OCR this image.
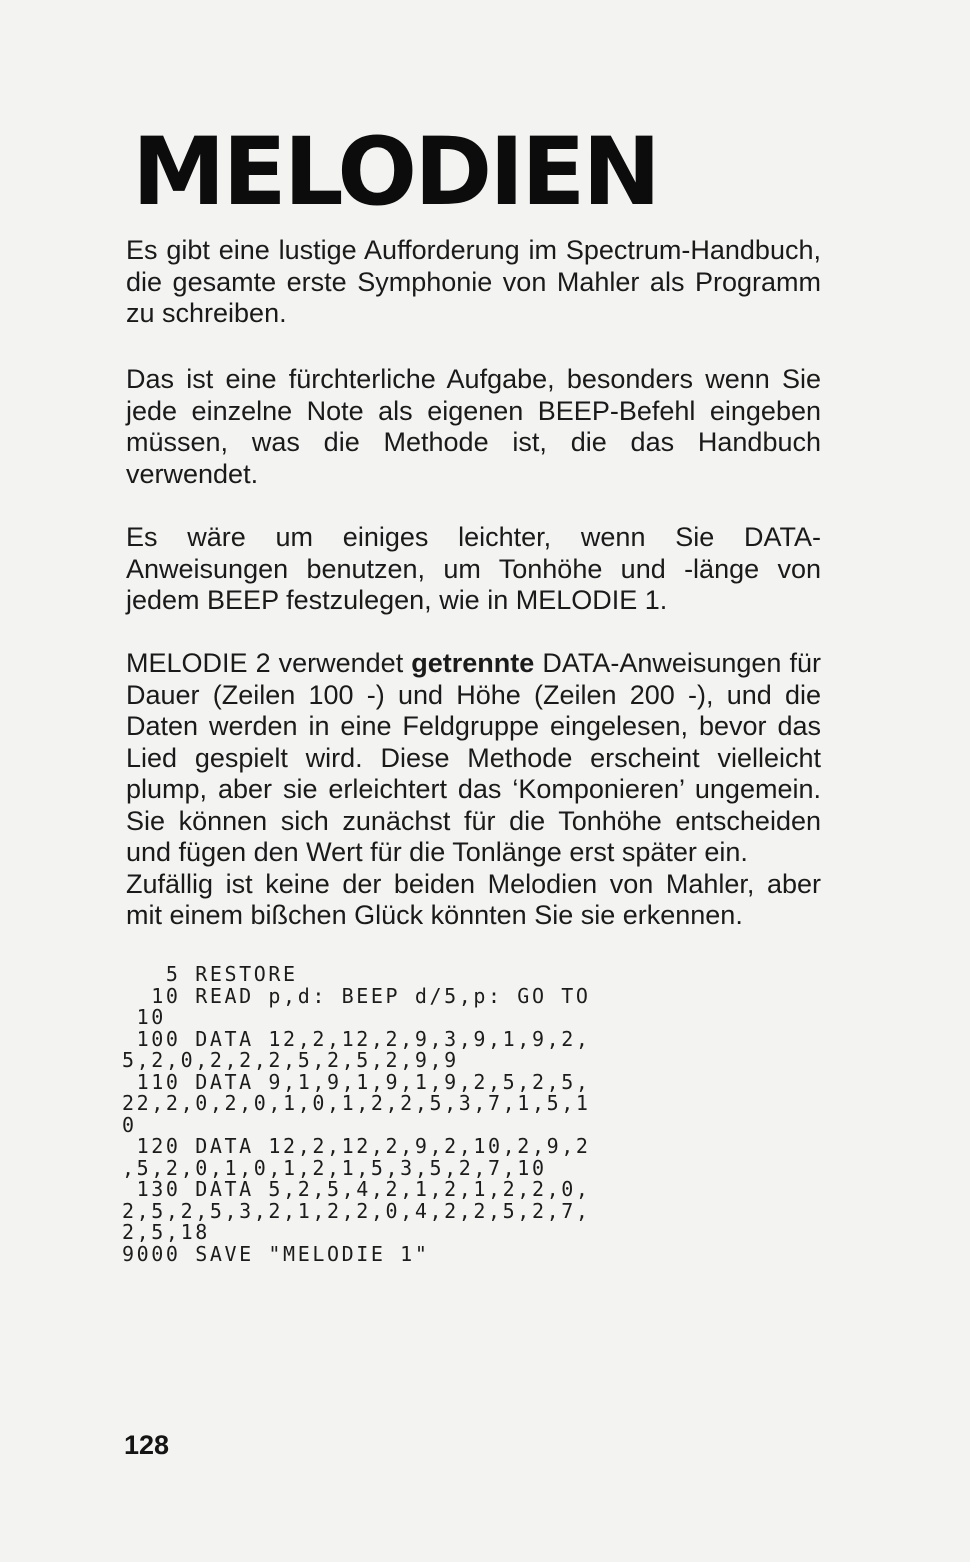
MELODIEN

Es gibt eine lustige Aufforderung im Spectrum-Handbuch, die gesamte erste Symphonie von Mahler als Programm zu schreiben.

Das ist eine fürchterliche Aufgabe, besonders wenn Sie jede einzelne Note als eigenen BEEP-Befehl eingeben müssen, was die Methode ist, die das Handbuch verwendet.

Es wäre um einiges leichter, wenn Sie DATA-Anweisungen benutzen, um Tonhöhe und -länge von jedem BEEP festzulegen, wie in MELODIE 1.

MELODIE 2 verwendet getrennte DATA-Anweisungen für Dauer (Zeilen 100 -) und Höhe (Zeilen 200 -), und die Daten werden in eine Feldgruppe eingelesen, bevor das Lied gespielt wird. Diese Methode erscheint vielleicht plump, aber sie erleichtert das ‘Komponieren’ ungemein. Sie können sich zunächst für die Tonhöhe entscheiden und fügen den Wert für die Tonlänge erst später ein.
Zufällig ist keine der beiden Melodien von Mahler, aber mit einem bißchen Glück könnten Sie sie erkennen.

5 RESTORE
10 READ p,d: BEEP d/5,p: GO TO
10
100 DATA 12,2,12,2,9,3,9,1,9,2,
5,2,0,2,2,2,5,2,5,2,9,9
110 DATA 9,1,9,1,9,1,9,2,5,2,5,
22,2,0,2,0,1,0,1,2,2,5,3,7,1,5,1
0
120 DATA 12,2,12,2,9,2,10,2,9,2
,5,2,0,1,0,1,2,1,5,3,5,2,7,10
130 DATA 5,2,5,4,2,1,2,1,2,2,0,
2,5,2,5,3,2,1,2,2,0,4,2,2,5,2,7,
2,5,18
9000 SAVE "MELODIE 1"
128
